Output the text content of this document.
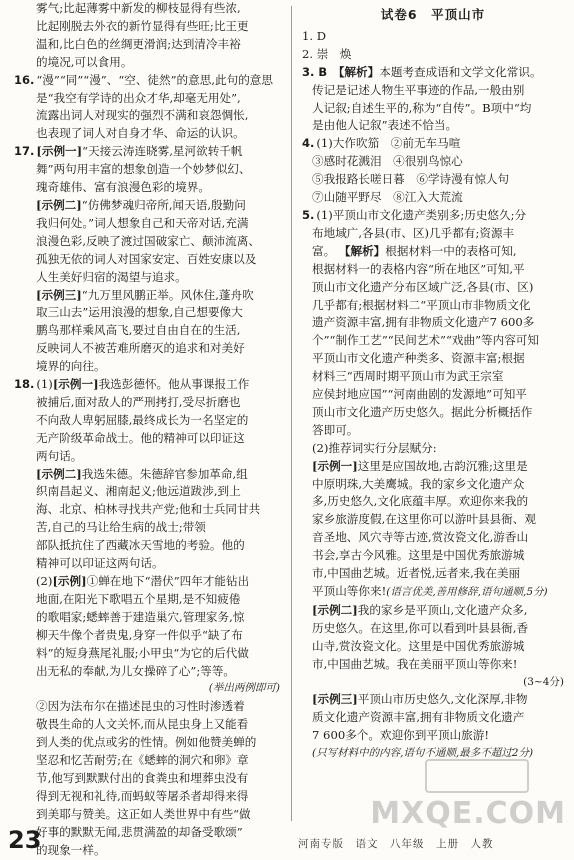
雾气;比起薄雾中新发的柳枝显得有些浓,

比起刚脱去外衣的新竹显得有些旺;比王更

温和,比白色的丝绸更滑润;达到清冷丰裕

的境况,可以食用。

16. “漫”“同”“漫”、“空、徒然”的意思,此句的意思

是“我空有学诗的出众才华,却毫无用处”,

流露出词人对现实的强烈不满和哀怨惆怅,

也表现了词人对自身才华、命运的认识。

17. [示例一]“天接云涛连晓雾,星河欲转千帆

舞”两句用丰富的想象创造一个妙梦似幻、

瑰奇雄伟、富有浪漫色彩的境界。

[示例二]“仿佛梦魂归帝所,闻天语,殷勤问

我归何处。”词人想象自己和天帝对话,充满

浪漫色彩,反映了渡过国破家亡、颠沛流离、

孤独无依的词人对国家安定、百姓安康以及

人生美好归宿的渴望与追求。

[示例三]“九万里风鹏正举。风休住,蓬舟吹

取三山去”运用浪漫的想象,自己想要像大

鹏鸟那样乘风高飞,要过自由自在的生活,

反映词人不被苦难所磨灭的追求和对美好

境界的向往。

18. (1)[示例一]我选彭德怀。他从事课报工作

被捕后,面对敌人的严刑拷打,受尽折磨也

不向敌人卑躬屈膝,最终成长为一名坚定的

无产阶级革命战士。他的精神可以印证这

两句话。

[示例二]我选朱德。朱德辞官参加革命,组

织南昌起义、湘南起义;他远道跋涉,到上

海、北京、柏林寻找共产党;他和士兵同甘共

苦,自己的马让给生病的战士;带领

部队抵抗住了西藏冰天雪地的考验。他的

精神可以印证这两句话。

(2)[示例]①蝉在地下“潜伏”四年才能钻出

地面,在阳光下歌唱五个星期,是不知疲倦

的歌唱家;蟋蟀善于建造巢穴,管理家务,惊

柳天牛像个者贵鬼,身穿一件似乎“缺了布

料”的短身燕尾礼服;小甲虫“为它的后代做

出无私的奉献,为儿女操碎了心”;等等。

(举出两例即可)

②因为法布尔在描述昆虫的习性时渗透着

敬畏生命的人文关怀,而从昆虫身上又能看

到人类的优点或劣的性情。例如他赞美蝉的

坚忍和忆苦耐劳;在《蟋蟀的洞穴和卵》章

节,他写到默默付出的食粪虫和埋葬虫没有

得到无视和礼待,而蚂蚁等屠杀者却得来得

到美耶与赞美。这正如人类世界中有些“做

好事的默默无闻,悲贯满盈的却备受歌颂”

的现象一样。

试卷6　平顶山市

1. D

2. 崇　焕

3. B 【解析】本题考查成语和文学文化常识。

传记是记述人物生平事迹的作品,一般由别

人记叙;自述生平的,称为“自传”。B项中“均

是由他人记叙”表述不恰当。

4. (1)大作吹笳　②前无车马喧

③感时花溅泪　④很别鸟惊心

⑤我报路长嗟日暮　⑥学诗漫有惊人句

⑦山随平野尽　⑧江入大荒流

5. (1)平顶山市文化遗产类别多;历史悠久;分

布地域广,各县(市、区)几乎都有;资源丰

富。 【解析】根据材料一中的表格可知,

根据材料一的表格内容“所在地区”可知,平

顶山市文化遗产分布区域广泛,各县(市、区)

几乎都有;根据材料二“平顶山市非物质文化

遗产资源丰富,拥有非物质文化遗产7 600多

个”“制作工艺”“民间艺术”“戏曲”等内容可知

平顶山市文化遗产种类多、资源丰富;根据

材料三“西周时期平顶山市为武王宗室

应侯封地应国”“河南曲剧的发源地”可知平

顶山市文化遗产历史悠久。据此分析概括作

答即可。

(2)推荐词实行分层赋分:

[示例一]这里是应国故地,古韵沉雅;这里是

中原明珠,大美鹰城。我的家乡文化遗产众

多,历史悠久,文化底蕴丰厚。欢迎你来我的

家乡旅游度假,在这里你可以游叶县县衙、观

音圣地、风穴寺等古迹,赏汝瓷文化,游香山

书会,享古今风雅。这里是中国优秀旅游城

市,中国曲艺城。近者悦,远者来,我在美丽

平顶山等你来!(语言优美,善用修辞,语句通顺,5分)

[示例二]我的家乡是平顶山,文化遗产众多,

历史悠久。在这里,你可以看到叶县县衙,香

山寺,赏汝瓷文化。这里是中国优秀旅游城

市,中国曲艺城。我在美丽平顶山等你来!

(3~4分)

[示例三]平顶山市历史悠久,文化深厚,非物

质文化遗产资源丰富,拥有非物质文化遗产

7 600多个。欢迎你到平顶山旅游!

(只写材料中的内容,语句不通顺,最多不超过2分)

MXQE.COM
23	河南专版　语文　八年级　上册　人教
